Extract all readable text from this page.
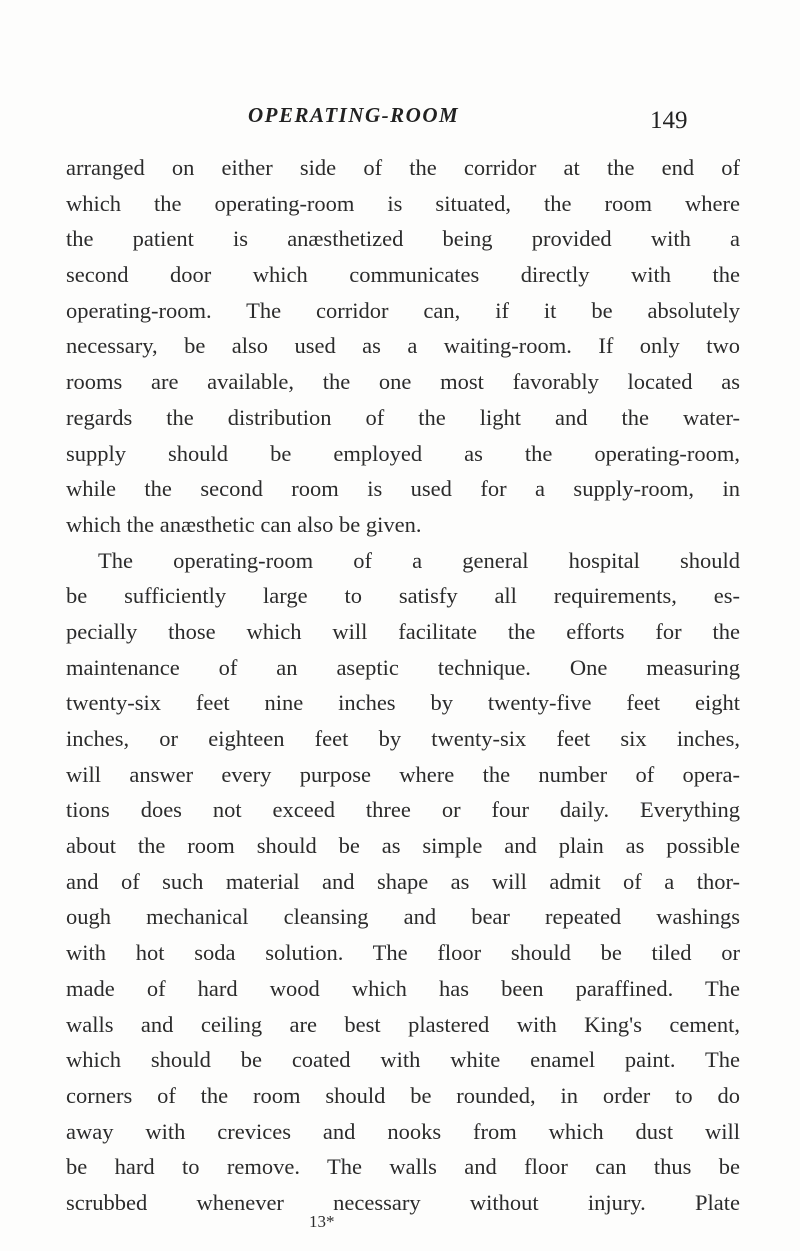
OPERATING-ROOM	149
arranged on either side of the corridor at the end of
which the operating-room is situated, the room where
the patient is anæsthetized being provided with a
second door which communicates directly with the
operating-room. The corridor can, if it be absolutely
necessary, be also used as a waiting-room. If only two
rooms are available, the one most favorably located as
regards the distribution of the light and the water-
supply should be employed as the operating-room,
while the second room is used for a supply-room, in
which the anæsthetic can also be given.
The operating-room of a general hospital should
be sufficiently large to satisfy all requirements, es-
pecially those which will facilitate the efforts for the
maintenance of an aseptic technique. One measuring
twenty-six feet nine inches by twenty-five feet eight
inches, or eighteen feet by twenty-six feet six inches,
will answer every purpose where the number of opera-
tions does not exceed three or four daily. Everything
about the room should be as simple and plain as possible
and of such material and shape as will admit of a thor-
ough mechanical cleansing and bear repeated washings
with hot soda solution. The floor should be tiled or
made of hard wood which has been paraffined. The
walls and ceiling are best plastered with King's cement,
which should be coated with white enamel paint. The
corners of the room should be rounded, in order to do
away with crevices and nooks from which dust will
be hard to remove. The walls and floor can thus be
scrubbed whenever necessary without injury. Plate
13*
